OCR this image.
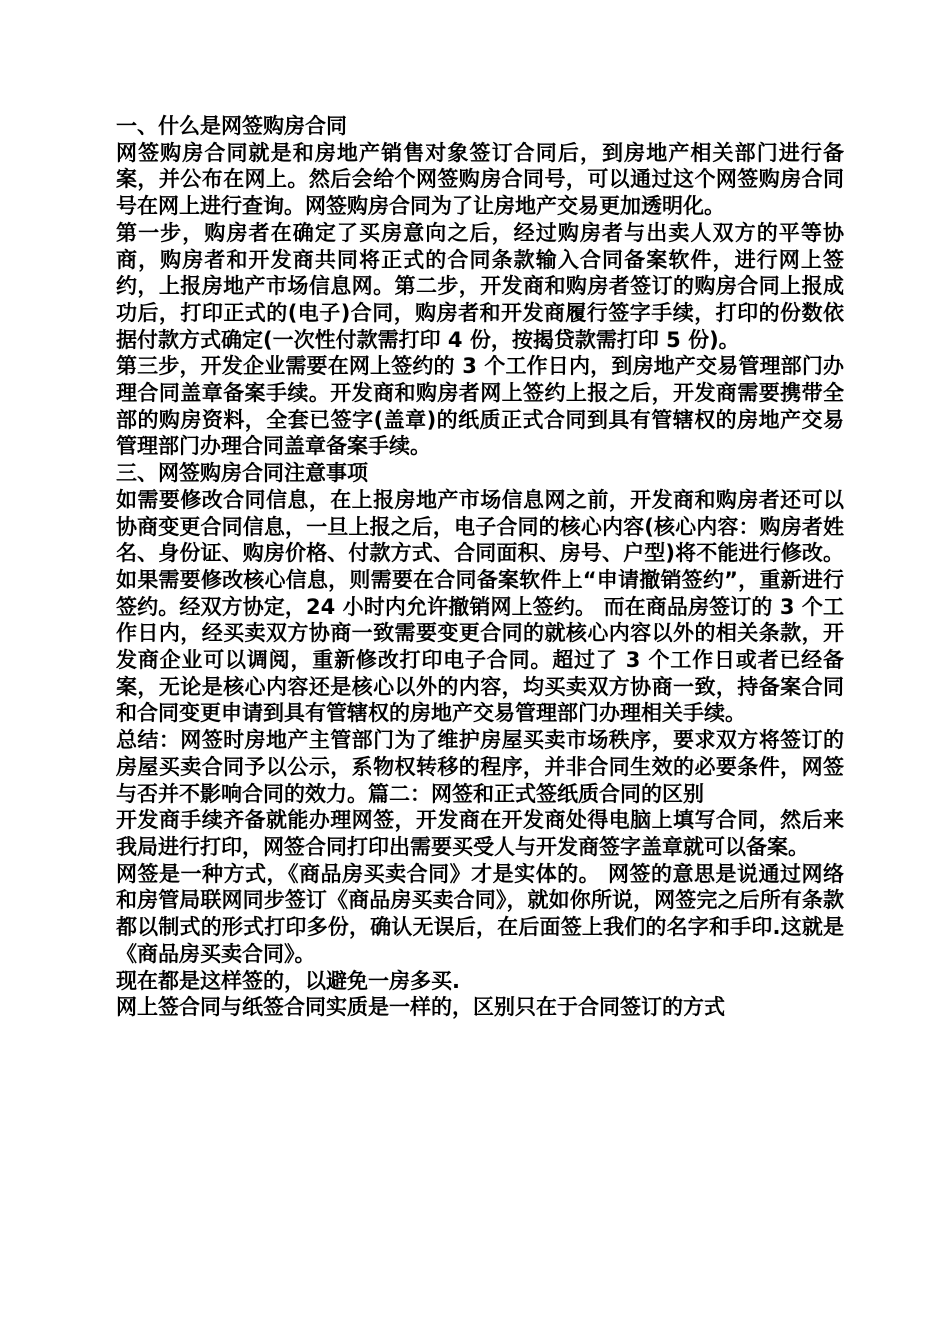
一、什么是网签购房合同

网签购房合同就是和房地产销售对象签订合同后，到房地产相关部门进行备案，并公布在网上。然后会给个网签购房合同号，可以通过这个网签购房合同号在网上进行查询。网签购房合同为了让房地产交易更加透明化。

第一步，购房者在确定了买房意向之后，经过购房者与出卖人双方的平等协商，购房者和开发商共同将正式的合同条款输入合同备案软件，进行网上签约，上报房地产市场信息网。第二步，开发商和购房者签订的购房合同上报成功后，打印正式的(电子)合同，购房者和开发商履行签字手续，打印的份数依据付款方式确定(一次性付款需打印 4 份，按揭贷款需打印 5 份)。

第三步，开发企业需要在网上签约的 3 个工作日内，到房地产交易管理部门办理合同盖章备案手续。开发商和购房者网上签约上报之后，开发商需要携带全部的购房资料，全套已签字(盖章)的纸质正式合同到具有管辖权的房地产交易管理部门办理合同盖章备案手续。

三、网签购房合同注意事项

如需要修改合同信息，在上报房地产市场信息网之前，开发商和购房者还可以协商变更合同信息，一旦上报之后，电子合同的核心内容(核心内容：购房者姓名、身份证、购房价格、付款方式、合同面积、房号、户型)将不能进行修改。如果需要修改核心信息，则需要在合同备案软件上“申请撤销签约”，重新进行签约。经双方协定，24 小时内允许撤销网上签约。 而在商品房签订的 3 个工作日内，经买卖双方协商一致需要变更合同的就核心内容以外的相关条款，开发商企业可以调阅，重新修改打印电子合同。超过了 3 个工作日或者已经备案，无论是核心内容还是核心以外的内容，均买卖双方协商一致，持备案合同和合同变更申请到具有管辖权的房地产交易管理部门办理相关手续。

总结：网签时房地产主管部门为了维护房屋买卖市场秩序，要求双方将签订的房屋买卖合同予以公示，系物权转移的程序，并非合同生效的必要条件，网签与否并不影响合同的效力。篇二：网签和正式签纸质合同的区别

开发商手续齐备就能办理网签，开发商在开发商处得电脑上填写合同，然后来我局进行打印，网签合同打印出需要买受人与开发商签字盖章就可以备案。

网签是一种方式，《商品房买卖合同》才是实体的。 网签的意思是说通过网络和房管局联网同步签订《商品房买卖合同》，就如你所说，网签完之后所有条款都以制式的形式打印多份，确认无误后，在后面签上我们的名字和手印.这就是《商品房买卖合同》。

现在都是这样签的，以避免一房多买.

网上签合同与纸签合同实质是一样的，区别只在于合同签订的方式
